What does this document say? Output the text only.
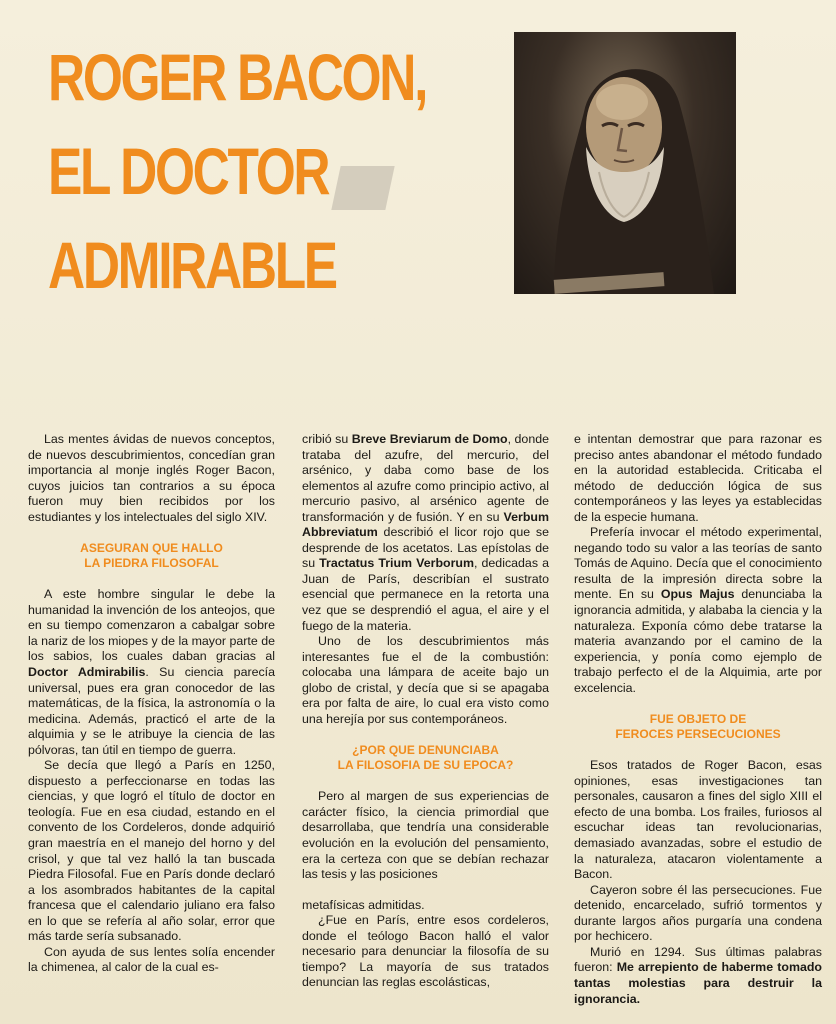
ROGER BACON,
EL DOCTOR
ADMIRABLE

Las mentes ávidas de nuevos conceptos, de nuevos descubrimientos, concedían gran importancia al monje inglés Roger Bacon, cuyos juicios tan contrarios a su época fueron muy bien recibidos por los estudiantes y los intelectuales del siglo XIV.

ASEGURAN QUE HALLO
LA PIEDRA FILOSOFAL

A este hombre singular le debe la humanidad la invención de los anteojos, que en su tiempo comenzaron a cabalgar sobre la nariz de los miopes y de la mayor parte de los sabios, los cuales daban gracias al Doctor Admirabilis. Su ciencia parecía universal, pues era gran conocedor de las matemáticas, de la física, la astronomía o la medicina. Además, practicó el arte de la alquimia y se le atribuye la ciencia de las pólvoras, tan útil en tiempo de guerra.

Se decía que llegó a París en 1250, dispuesto a perfeccionarse en todas las ciencias, y que logró el título de doctor en teología. Fue en esa ciudad, estando en el convento de los Cordeleros, donde adquirió gran maestría en el manejo del horno y del crisol, y que tal vez halló la tan buscada Piedra Filosofal. Fue en París donde declaró a los asombrados habitantes de la capital francesa que el calendario juliano era falso en lo que se refería al año solar, error que más tarde sería subsanado.

Con ayuda de sus lentes solía encender la chimenea, al calor de la cual es-

cribió su Breve Breviarum de Domo, donde trataba del azufre, del mercurio, del arsénico, y daba como base de los elementos al azufre como principio activo, al mercurio pasivo, al arsénico agente de transformación y de fusión. Y en su Verbum Abbreviatum describió el licor rojo que se desprende de los acetatos. Las epístolas de su Tractatus Trium Verborum, dedicadas a Juan de París, describían el sustrato esencial que permanece en la retorta una vez que se desprendió el agua, el aire y el fuego de la materia.

Uno de los descubrimientos más interesantes fue el de la combustión: colocaba una lámpara de aceite bajo un globo de cristal, y decía que si se apagaba era por falta de aire, lo cual era visto como una herejía por sus contemporáneos.

¿POR QUE DENUNCIABA
LA FILOSOFIA DE SU EPOCA?

Pero al margen de sus experiencias de carácter físico, la ciencia primordial que desarrollaba, que tendría una considerable evolución en la evolución del pensamiento, era la certeza con que se debían rechazar las tesis y las posiciones

metafísicas admitidas.

¿Fue en París, entre esos cordeleros, donde el teólogo Bacon halló el valor necesario para denunciar la filosofía de su tiempo? La mayoría de sus tratados denuncian las reglas escolásticas,

e intentan demostrar que para razonar es preciso antes abandonar el método fundado en la autoridad establecida. Criticaba el método de deducción lógica de sus contemporáneos y las leyes ya establecidas de la especie humana.

Prefería invocar el método experimental, negando todo su valor a las teorías de santo Tomás de Aquino. Decía que el conocimiento resulta de la impresión directa sobre la mente. En su Opus Majus denunciaba la ignorancia admitida, y alababa la ciencia y la naturaleza. Exponía cómo debe tratarse la materia avanzando por el camino de la experiencia, y ponía como ejemplo de trabajo perfecto el de la Alquimia, arte por excelencia.

FUE OBJETO DE
FEROCES PERSECUCIONES

Esos tratados de Roger Bacon, esas opiniones, esas investigaciones tan personales, causaron a fines del siglo XIII el efecto de una bomba. Los frailes, furiosos al escuchar ideas tan revolucionarias, demasiado avanzadas, sobre el estudio de la naturaleza, atacaron violentamente a Bacon.

Cayeron sobre él las persecuciones. Fue detenido, encarcelado, sufrió tormentos y durante largos años purgaría una condena por hechicero.

Murió en 1294. Sus últimas palabras fueron: Me arrepiento de haberme tomado tantas molestias para destruir la ignorancia.
